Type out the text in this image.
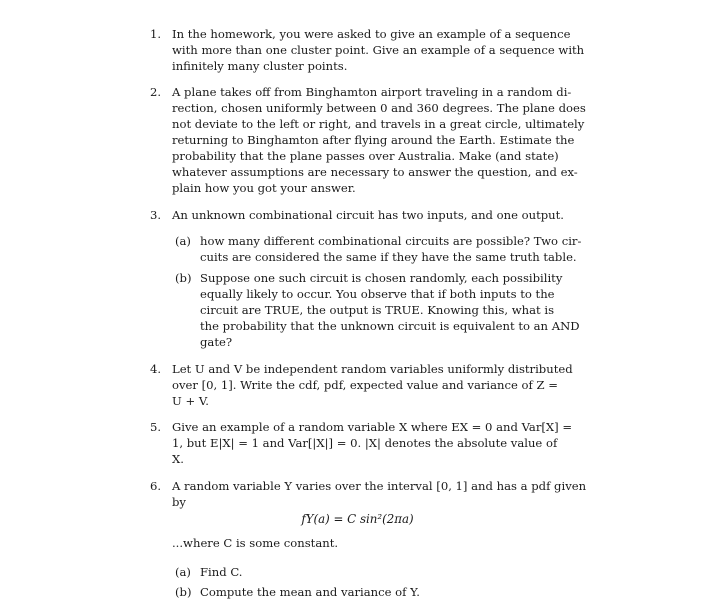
1. In the homework, you were asked to give an example of a sequence
with more than one cluster point. Give an example of a sequence with
infinitely many cluster points.
2. A plane takes off from Binghamton airport traveling in a random di-
rection, chosen uniformly between 0 and 360 degrees. The plane does
not deviate to the left or right, and travels in a great circle, ultimately
returning to Binghamton after flying around the Earth. Estimate the
probability that the plane passes over Australia. Make (and state)
whatever assumptions are necessary to answer the question, and ex-
plain how you got your answer.
3. An unknown combinational circuit has two inputs, and one output.
(a) how many different combinational circuits are possible? Two cir-
cuits are considered the same if they have the same truth table.
(b) Suppose one such circuit is chosen randomly, each possibility
equally likely to occur. You observe that if both inputs to the
circuit are TRUE, the output is TRUE. Knowing this, what is
the probability that the unknown circuit is equivalent to an AND
gate?
4. Let U and V be independent random variables uniformly distributed
over [0, 1]. Write the cdf, pdf, expected value and variance of Z =
U + V.
5. Give an example of a random variable X where EX = 0 and Var[X] =
1, but E|X| = 1 and Var[|X|] = 0. |X| denotes the absolute value of
X.
6. A random variable Y varies over the interval [0, 1] and has a pdf given
by
fY(a) = C sin²(2πa)
...where C is some constant.
(a) Find C.
(b) Compute the mean and variance of Y.
